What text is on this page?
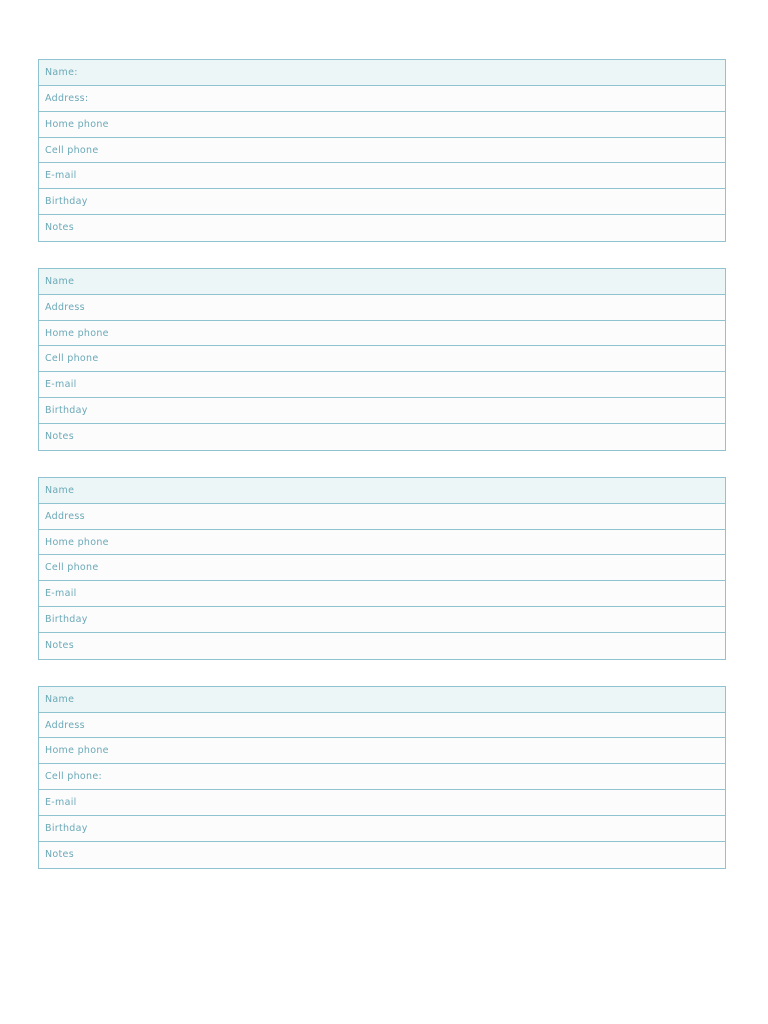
Name:
Address:
Home phone
Cell phone
E-mail
Birthday
Notes
Name
Address
Home phone
Cell phone
E-mail
Birthday
Notes
Name
Address
Home phone
Cell phone
E-mail
Birthday
Notes
Name
Address
Home phone
Cell phone:
E-mail
Birthday
Notes
